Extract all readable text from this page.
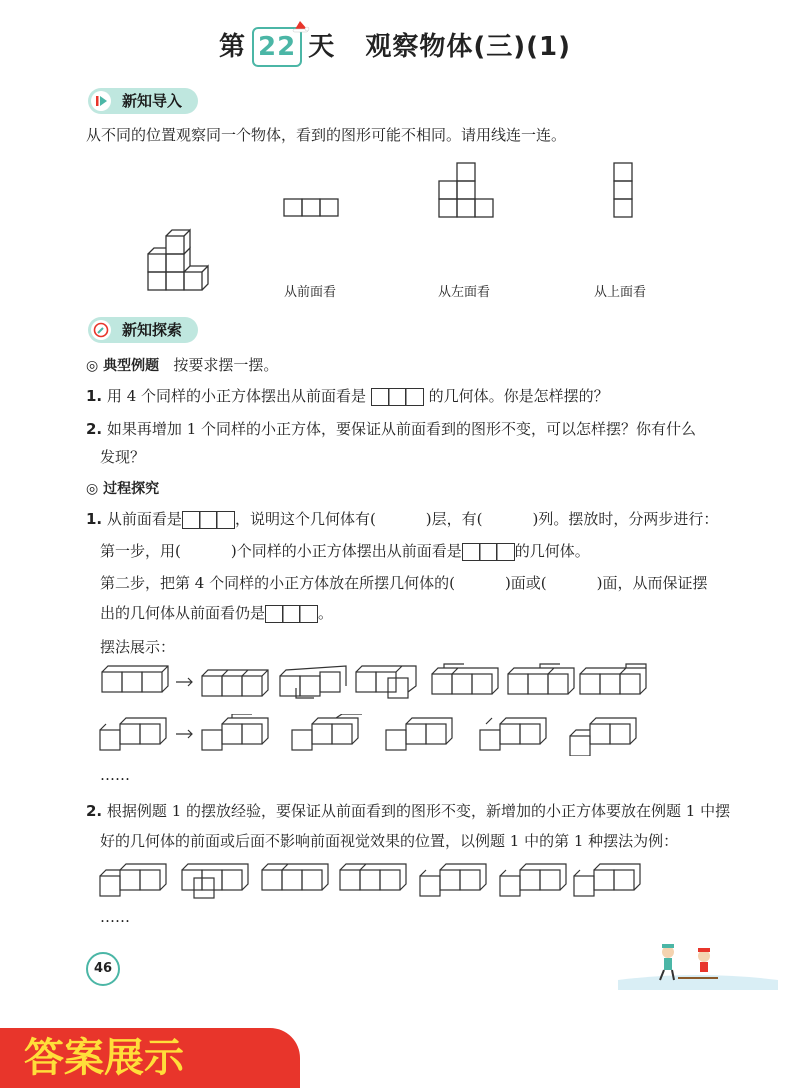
第 22 天 观察物体(三)(1)
新知导入
从不同的位置观察同一个物体，看到的图形可能不相同。请用线连一连。
从前面看	从左面看	从上面看
新知探索
◎ 典型例题 按要求摆一摆。
1. 用 4 个同样的小正方体摆出从前面看是	的几何体。你是怎样摆的？
2. 如果再增加 1 个同样的小正方体，要保证从前面看到的图形不变，可以怎样摆？你有什么
发现？
◎ 过程探究
1. 从前面看是	，说明这个几何体有(	)层，有(	)列。摆放时，分两步进行：
第一步，用(	)个同样的小正方体摆出从前面看是	的几何体。
第二步，把第 4 个同样的小正方体放在所摆几何体的(	)面或(	)面，从而保证摆
出的几何体从前面看仍是	。
摆法展示：
……
2. 根据例题 1 的摆放经验，要保证从前面看到的图形不变，新增加的小正方体要放在例题 1 中摆
好的几何体的前面或后面不影响前面视觉效果的位置，以例题 1 中的第 1 种摆法为例：
……
46
答案展示
